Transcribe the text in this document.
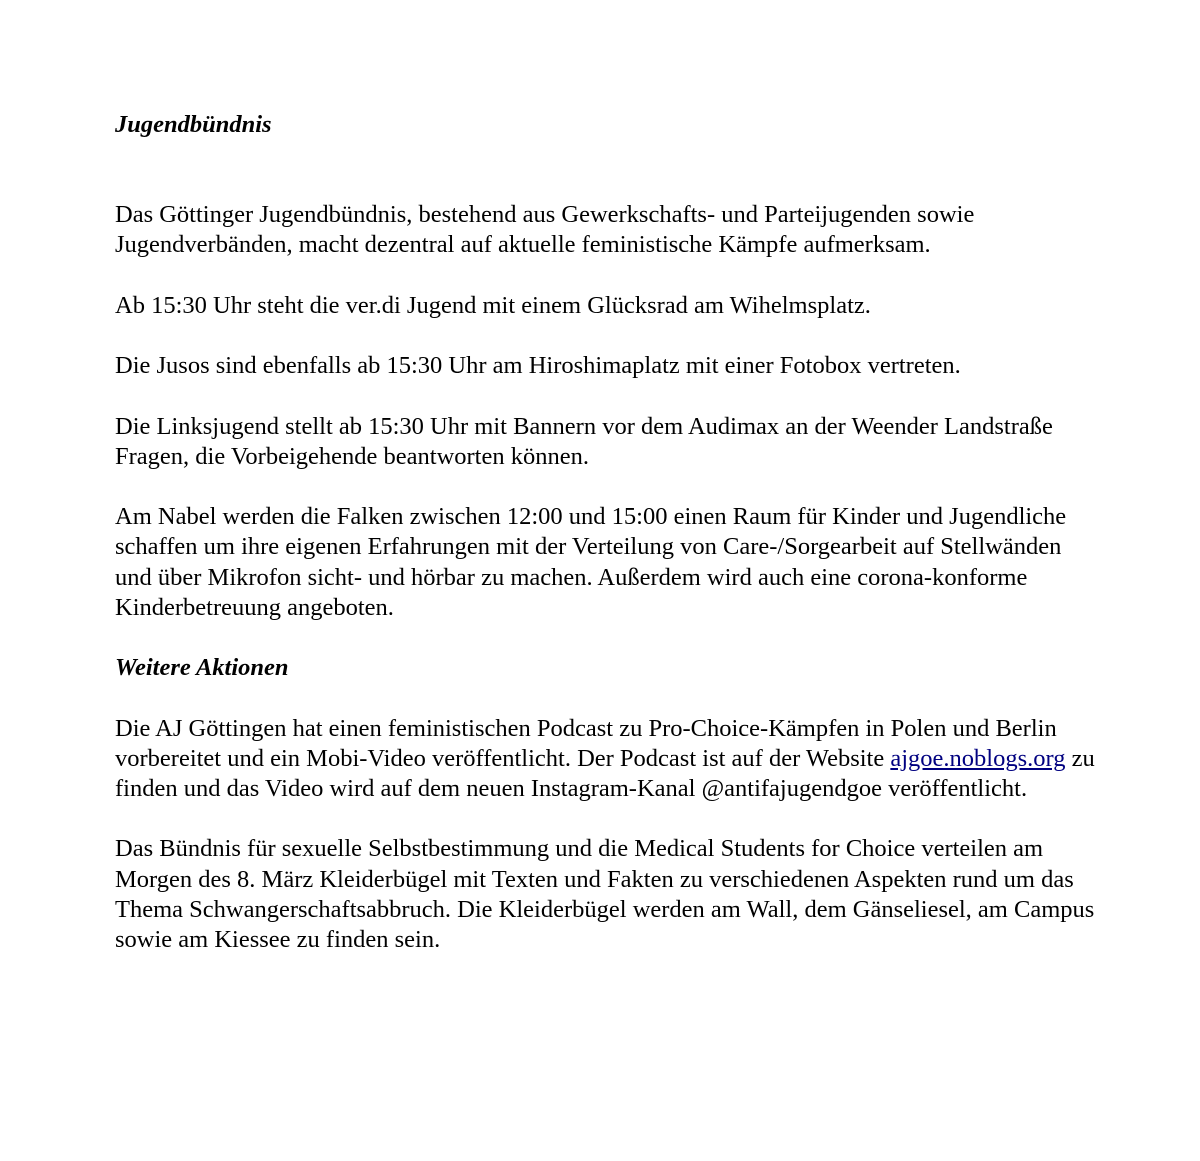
Jugendbündnis

Das Göttinger Jugendbündnis, bestehend aus Gewerkschafts- und Parteijugenden sowie Jugendverbänden, macht dezentral auf aktuelle feministische Kämpfe aufmerksam.

Ab 15:30 Uhr steht die ver.di Jugend mit einem Glücksrad am Wihelmsplatz.

Die Jusos sind ebenfalls ab 15:30 Uhr am Hiroshimaplatz mit einer Fotobox vertreten.

Die Linksjugend stellt ab 15:30 Uhr mit Bannern vor dem Audimax an der Weender Landstraße Fragen, die Vorbeigehende beantworten können.

Am Nabel werden die Falken zwischen 12:00 und 15:00 einen Raum für Kinder und Jugendliche schaffen um ihre eigenen Erfahrungen mit der Verteilung von Care-/Sorgearbeit auf Stellwänden und über Mikrofon sicht- und hörbar zu machen. Außerdem wird auch eine corona-konforme Kinderbetreuung angeboten.

Weitere Aktionen

Die AJ Göttingen hat einen feministischen Podcast zu Pro-Choice-Kämpfen in Polen und Berlin vorbereitet und ein Mobi-Video veröffentlicht. Der Podcast ist auf der Website ajgoe.noblogs.org zu finden und das Video wird auf dem neuen Instagram-Kanal @antifajugendgoe veröffentlicht.

Das Bündnis für sexuelle Selbstbestimmung und die Medical Students for Choice verteilen am Morgen des 8. März Kleiderbügel mit Texten und Fakten zu verschiedenen Aspekten rund um das Thema Schwangerschaftsabbruch. Die Kleiderbügel werden am Wall, dem Gänseliesel, am Campus sowie am Kiessee zu finden sein.
